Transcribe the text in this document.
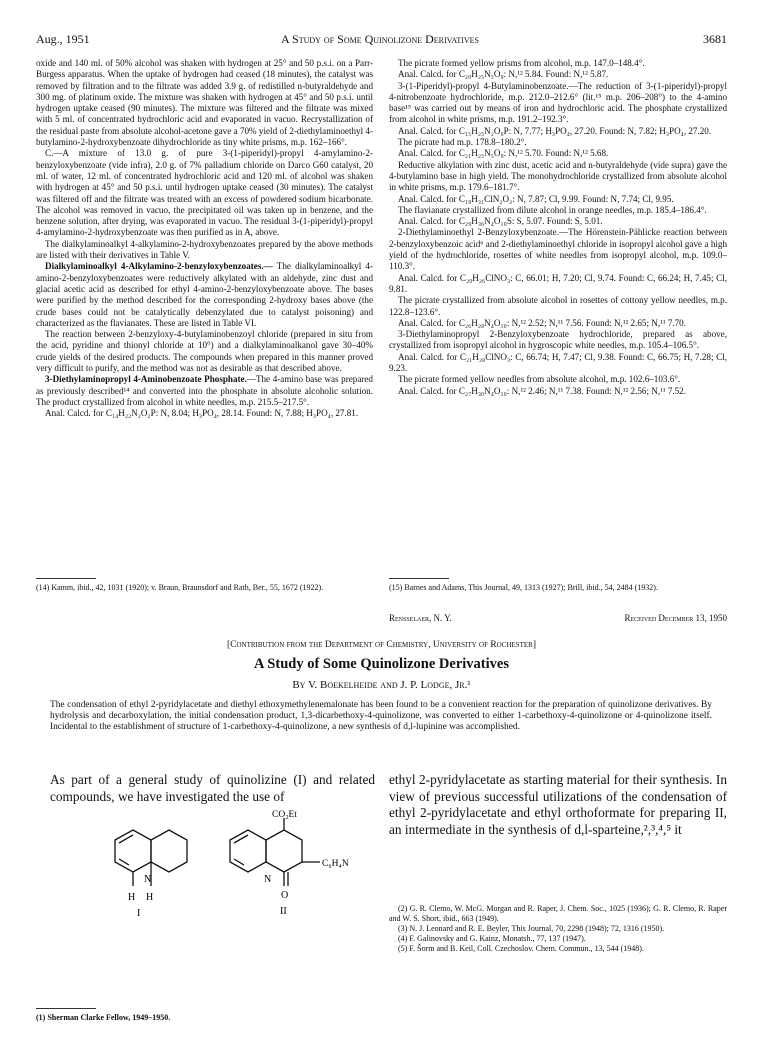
Aug., 1951	A Study of Some Quinolizone Derivatives	3681

oxide and 140 ml. of 50% alcohol was shaken with hydrogen at 25° and 50 p.s.i. on a Parr-Burgess apparatus. When the uptake of hydrogen had ceased (18 minutes), the catalyst was removed by filtration and to the filtrate was added 3.9 g. of redistilled n-butyraldehyde and 300 mg. of platinum oxide. The mixture was shaken with hydrogen at 45° and 50 p.s.i. until hydrogen uptake ceased (90 minutes). The mixture was filtered and the filtrate was mixed with 5 ml. of concentrated hydrochloric acid and evaporated in vacuo. Recrystallization of the residual paste from absolute alcohol-acetone gave a 70% yield of 2-diethylaminoethyl 4-butylamino-2-hydroxybenzoate dihydrochloride as tiny white prisms, m.p. 162–166°.

C.—A mixture of 13.0 g. of pure 3-(1-piperidyl)-propyl 4-amylamino-2-benzyloxybenzoate (vide infra), 2.0 g. of 7% palladium chloride on Darco G60 catalyst, 20 ml. of water, 12 ml. of concentrated hydrochloric acid and 120 ml. of alcohol was shaken with hydrogen at 45° and 50 p.s.i. until hydrogen uptake ceased (30 minutes). The catalyst was filtered off and the filtrate was treated with an excess of powdered sodium bicarbonate. The alcohol was removed in vacuo, the precipitated oil was taken up in benzene, and the benzene solution, after drying, was evaporated in vacuo. The residual 3-(1-piperidyl)-propyl 4-amylamino-2-hydroxybenzoate was then purified as in A, above.

The dialkylaminoalkyl 4-alkylamino-2-hydroxybenzoates prepared by the above methods are listed with their derivatives in Table V.

Dialkylaminoalkyl 4-Alkylamino-2-benzyloxybenzoates.— The dialkylaminoalkyl 4-amino-2-benzyloxybenzoates were reductively alkylated with an aldehyde, zinc dust and glacial acetic acid as described for ethyl 4-amino-2-benzyloxybenzoate above. The bases were purified by the method described for the corresponding 2-hydroxy bases above (the crude bases could not be catalytically debenzylated due to catalyst poisoning) and characterized as the flavianates. These are listed in Table VI.

The reaction between 2-benzyloxy-4-butylaminobenzoyl chloride (prepared in situ from the acid, pyridine and thionyl chloride at 10°) and a dialkylaminoalkanol gave 30–40% crude yields of the desired products. The compounds when prepared in this manner proved very difficult to purify, and the method was not as desirable as that described above.

3-Diethylaminopropyl 4-Aminobenzoate Phosphate.—The 4-amino base was prepared as previously described¹⁴ and converted into the phosphate in absolute alcoholic solution. The product crystallized from alcohol in white needles, m.p. 215.5–217.5°.

Anal. Calcd. for C₁₄H₂₂N₂O₂P: N, 8.04; H₃PO₄, 28.14. Found: N, 7.88; H₃PO₄, 27.81.

(14) Kamm, ibid., 42, 1031 (1920); v. Braun, Braunsdorf and Rath, Ber., 55, 1672 (1922).

The picrate formed yellow prisms from alcohol, m.p. 147.0–148.4°.

Anal. Calcd. for C₂₀H₂₅N₅O₉: N,¹² 5.84. Found: N,¹² 5.87.

3-(1-Piperidyl)-propyl 4-Butylaminobenzoate.—The reduction of 3-(1-piperidyl)-propyl 4-nitrobenzoate hydrochloride, m.p. 212.0–212.6° (lit.¹⁵ m.p. 206–208°) to the 4-amino base¹⁵ was carried out by means of iron and hydrochloric acid. The phosphate crystallized from alcohol in white prisms, m.p. 191.2–192.3°.

Anal. Calcd. for C₁₅H₂₅N₂O₆P: N, 7.77; H₃PO₄, 27.20. Found: N, 7.82; H₃PO₄, 27.20.

The picrate had m.p. 178.8–180.2°.

Anal. Calcd. for C₂₁H₂₅N₅O₉: N,¹² 5.70. Found: N,¹² 5.68.

Reductive alkylation with zinc dust, acetic acid and n-butyraldehyde (vide supra) gave the 4-butylamino base in high yield. The monohydrochloride crystallized from absolute alcohol in white prisms, m.p. 179.6–181.7°.

Anal. Calcd. for C₁₉H₃₁ClN₂O₂: N, 7.87; Cl, 9.99. Found: N, 7.74; Cl, 9.95.

The flavianate crystallized from dilute alcohol in orange needles, m.p. 185.4–186.4°.

Anal. Calcd. for C₂₉H₃₆N₄O₁₀S: S, 5.07. Found: S, 5.01.

2-Diethylaminoethyl 2-Benzyloxybenzoate.—The Hörenstein-Pählicke reaction between 2-benzyloxybenzoic acid⁶ and 2-diethylaminoethyl chloride in isopropyl alcohol gave a high yield of the hydrochloride, rosettes of white needles from isopropyl alcohol, m.p. 109.0–110.3°.

Anal. Calcd. for C₂₀H₂₆ClNO₃: C, 66.01; H, 7.20; Cl, 9.74. Found: C, 66.24; H, 7.45; Cl, 9.81.

The picrate crystallized from absolute alcohol in rosettes of cottony yellow needles, m.p. 122.8–123.6°.

Anal. Calcd. for C₂₆H₂₈N₄O₁₀: N,¹² 2.52; N,¹¹ 7.56. Found: N,¹² 2.65; N,¹¹ 7.70.

3-Diethylaminopropyl 2-Benzyloxybenzoate hydrochloride, prepared as above, crystallized from isopropyl alcohol in hygroscopic white needles, m.p. 105.4–106.5°.

Anal. Calcd. for C₂₁H₂₈ClNO₃: C, 66.74; H, 7.47; Cl, 9.38. Found: C, 66.75; H, 7.28; Cl, 9.23.

The picrate formed yellow needles from absolute alcohol, m.p. 102.6–103.6°.

Anal. Calcd. for C₂₇H₃₀N₄O₁₀: N,¹² 2.46; N,¹¹ 7.38. Found: N,¹² 2.56; N,¹¹ 7.52.

(15) Barnes and Adams, This Journal, 49, 1313 (1927); Brill, ibid., 54, 2484 (1932).
Rensselaer, N. Y.	Received December 13, 1950
[Contribution from the Department of Chemistry, University of Rochester]
A Study of Some Quinolizone Derivatives
By V. Boekelheide and J. P. Lodge, Jr.¹

The condensation of ethyl 2-pyridylacetate and diethyl ethoxymethylenemalonate has been found to be a convenient reaction for the preparation of quinolizone derivatives. By hydrolysis and decarboxylation, the initial condensation product, 1,3-dicarbethoxy-4-quinolizone, was converted to either 1-carbethoxy-4-quinolizone or 4-quinolizone itself. Incidental to the establishment of structure of 1-carbethoxy-4-quinolizone, a new synthesis of d,l-lupinine was accomplished.

As part of a general study of quinolizine (I) and related compounds, we have investigated the use of

ethyl 2-pyridylacetate as starting material for their synthesis. In view of previous successful utilizations of the condensation of ethyl 2-pyridylacetate and ethyl orthoformate for preparing II, an intermediate in the synthesis of d,l-sparteine,²,³,⁴,⁵ it

N
H H
I
CO₂Et
N
C₆H₄N
O
II
(1) Sherman Clarke Fellow, 1949–1950.

(2) G. R. Clemo, W. McG. Morgan and R. Raper, J. Chem. Soc., 1025 (1936); G. R. Clemo, R. Raper and W. S. Short, ibid., 663 (1949).

(3) N. J. Leonard and R. E. Beyler, This Journal, 70, 2298 (1948); 72, 1316 (1950).

(4) F. Galinovsky and G. Kainz, Monatsh., 77, 137 (1947).

(5) F. Šorm and B. Keil, Coll. Czechoslov. Chem. Commun., 13, 544 (1948).
